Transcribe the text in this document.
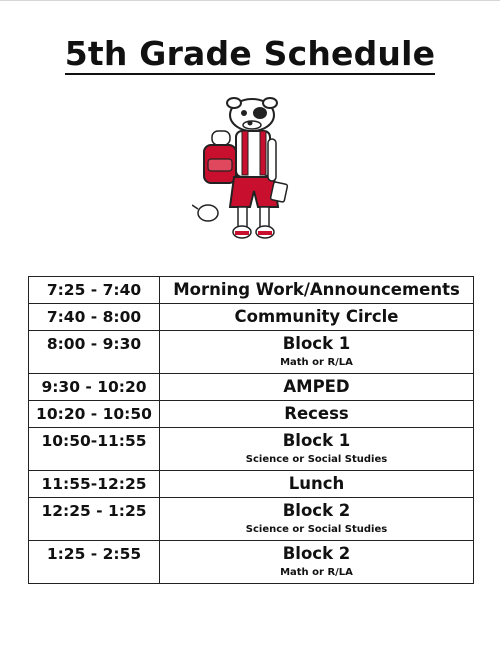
5th Grade Schedule
7:25 - 7:40	Morning Work/Announcements

7:40 - 8:00	Community Circle

8:00 - 9:30	Block 1
Math or R/LA

9:30 - 10:20	AMPED

10:20 - 10:50	Recess

10:50-11:55	Block 1
Science or Social Studies

11:55-12:25	Lunch

12:25 - 1:25	Block 2
Science or Social Studies

1:25 - 2:55	Block 2
Math or R/LA
